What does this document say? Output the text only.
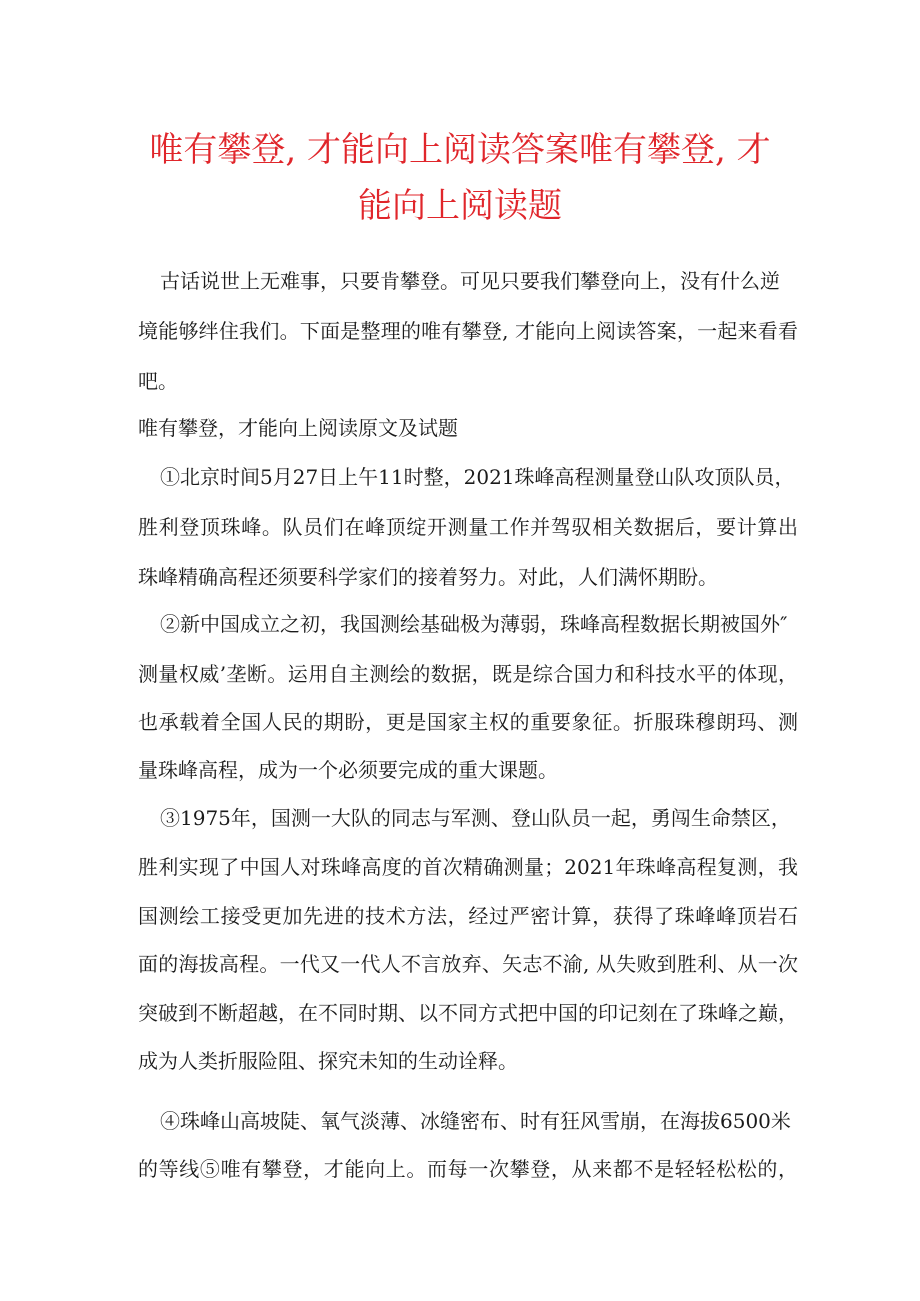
唯有攀登, 才能向上阅读答案唯有攀登, 才
能向上阅读题

古话说世上无难事，只要肯攀登。可见只要我们攀登向上，没有什么逆

境能够绊住我们。下面是整理的唯有攀登, 才能向上阅读答案，一起来看看

吧。

唯有攀登，才能向上阅读原文及试题

①北京时间5月27日上午11时整，2021珠峰高程测量登山队攻顶队员，

胜利登顶珠峰。队员们在峰顶绽开测量工作并驾驭相关数据后，要计算出

珠峰精确高程还须要科学家们的接着努力。对此，人们满怀期盼。

②新中国成立之初，我国测绘基础极为薄弱，珠峰高程数据长期被国外″

测量权威’垄断。运用自主测绘的数据，既是综合国力和科技水平的体现，

也承载着全国人民的期盼，更是国家主权的重要象征。折服珠穆朗玛、测

量珠峰高程，成为一个必须要完成的重大课题。

③1975年，国测一大队的同志与军测、登山队员一起，勇闯生命禁区，

胜利实现了中国人对珠峰高度的首次精确测量；2021年珠峰高程复测，我

国测绘工接受更加先进的技术方法，经过严密计算，获得了珠峰峰顶岩石

面的海拔高程。一代又一代人不言放弃、矢志不渝, 从失败到胜利、从一次

突破到不断超越，在不同时期、以不同方式把中国的印记刻在了珠峰之巅，

成为人类折服险阻、探究未知的生动诠释。

④珠峰山高坡陡、氧气淡薄、冰缝密布、时有狂风雪崩，在海拔6500米

的等线⑤唯有攀登，才能向上。而每一次攀登，从来都不是轻轻松松的，
